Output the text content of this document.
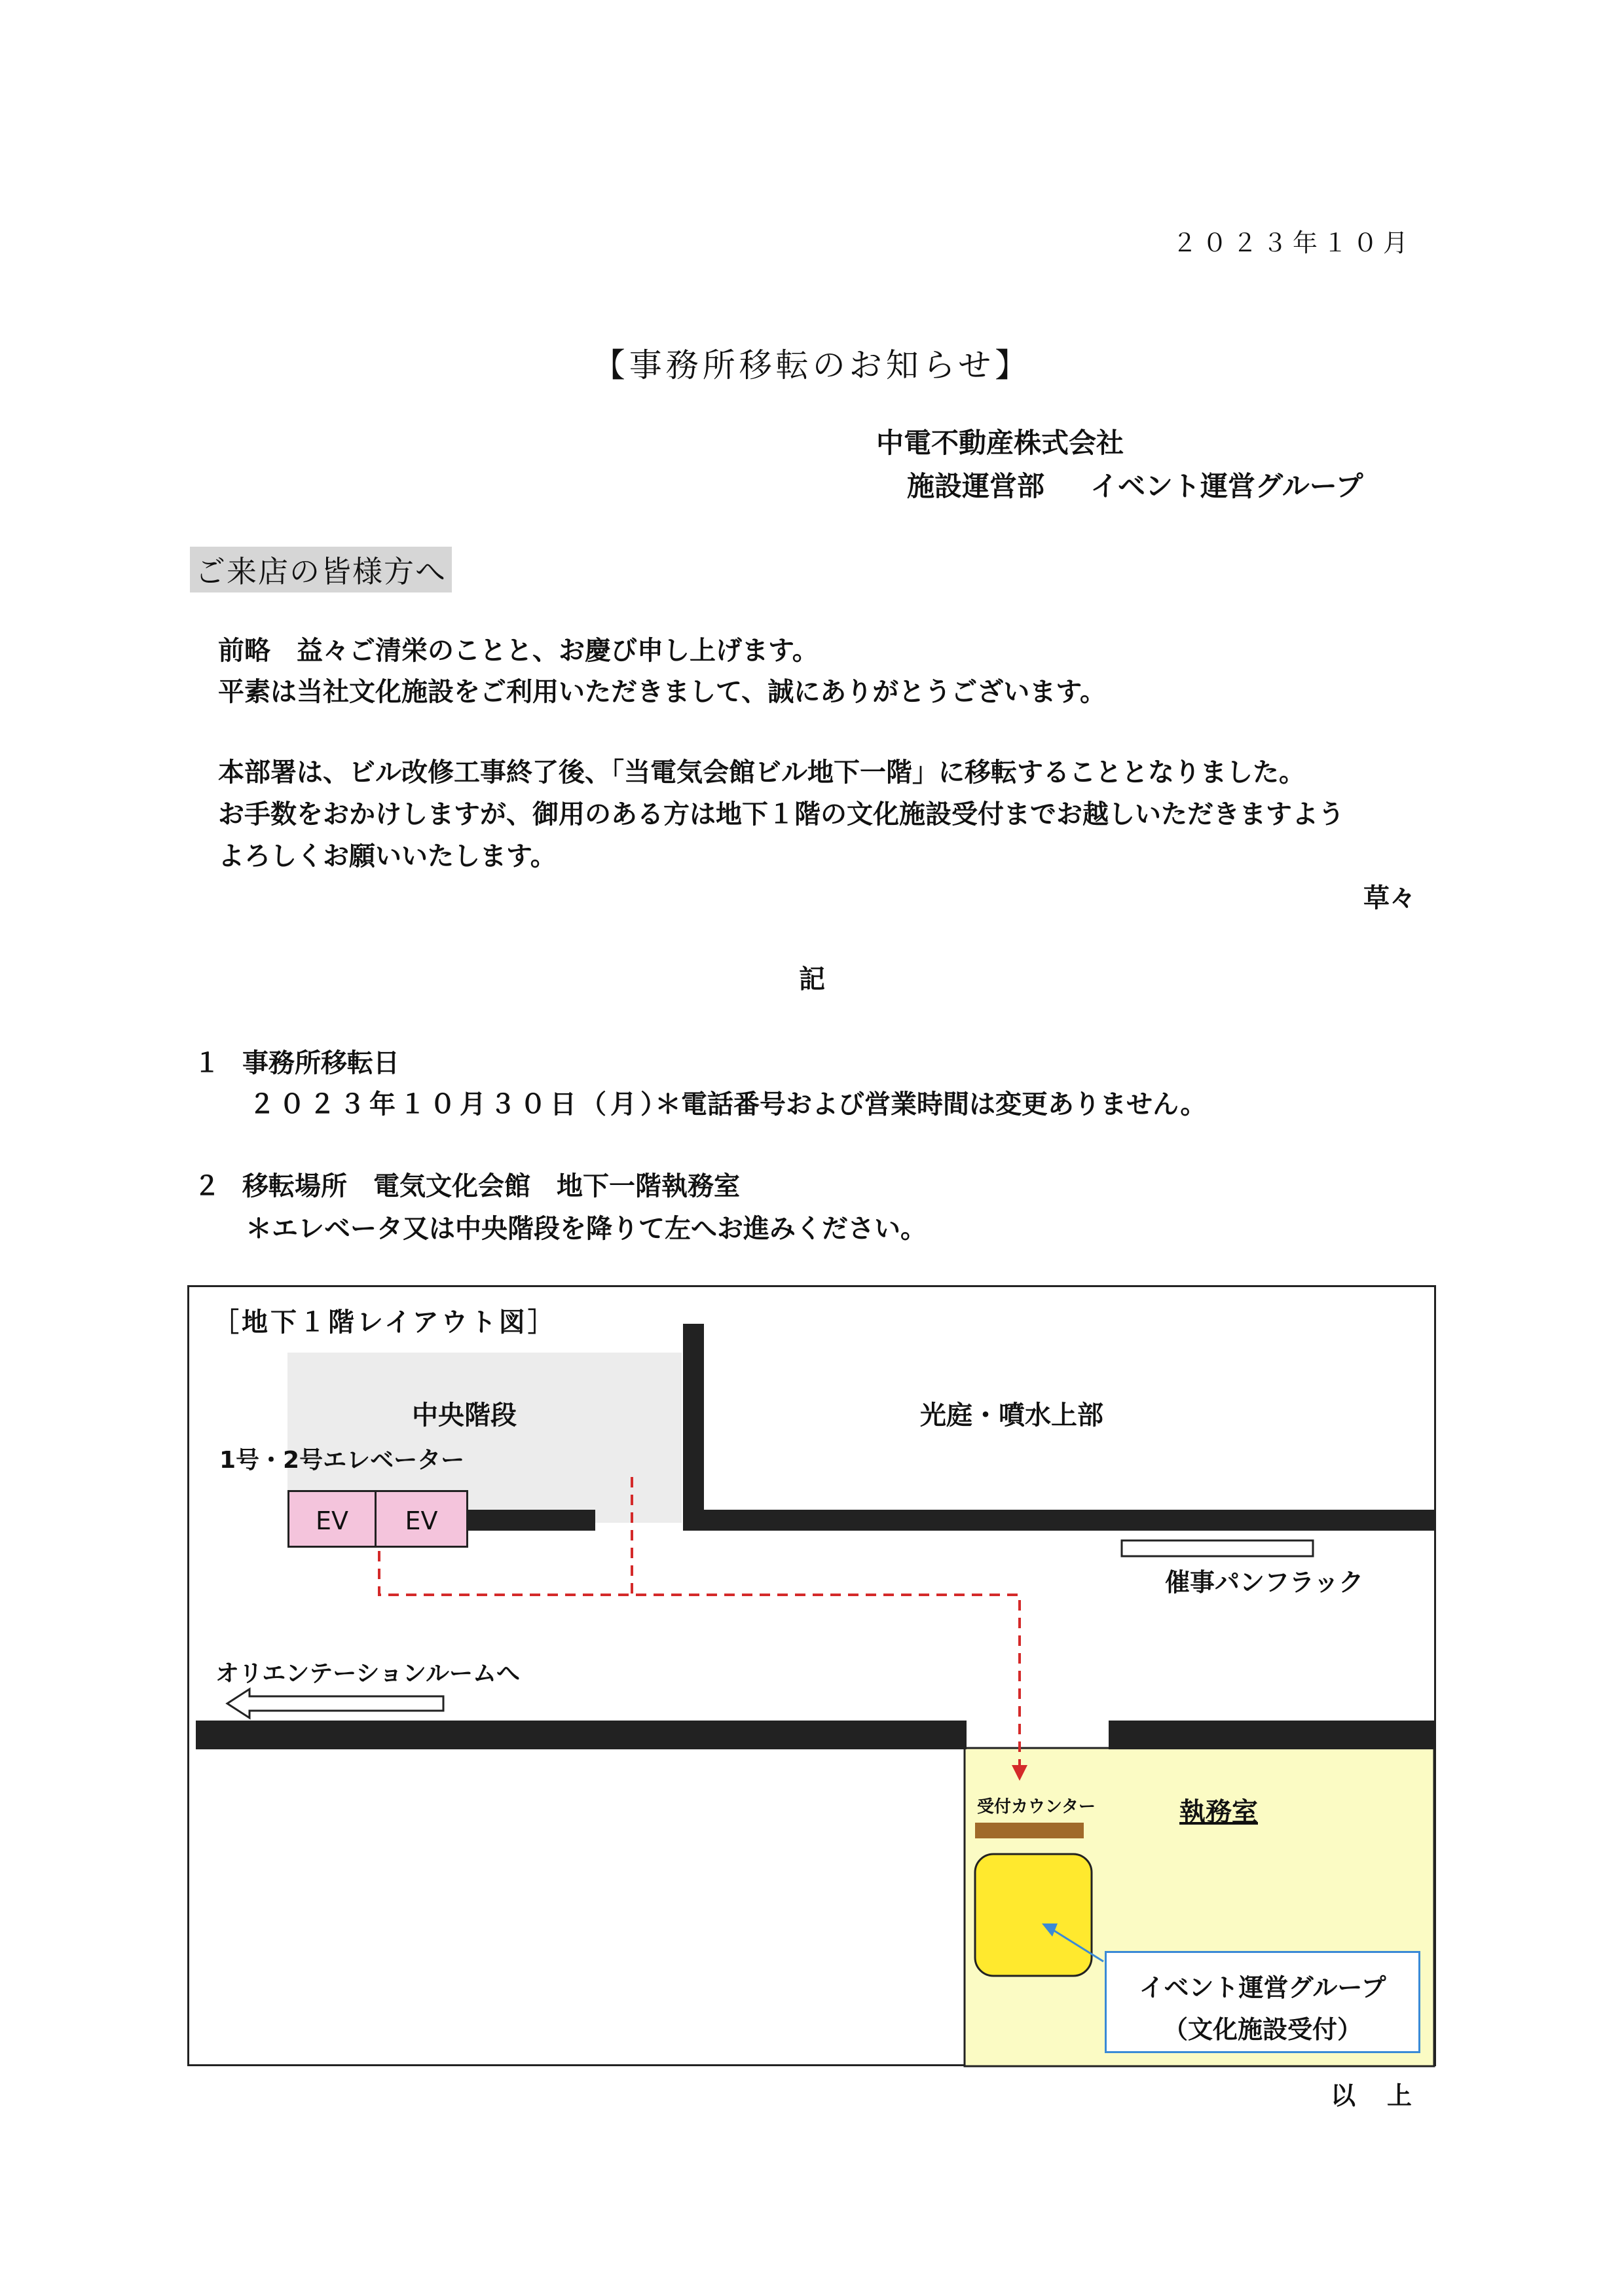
２０２３年１０月
【事務所移転のお知らせ】
中電不動産株式会社
施設運営部 イベント運営グループ
ご来店の皆様方へ
前略　益々ご清栄のことと、お慶び申し上げます。
平素は当社文化施設をご利用いただきまして、誠にありがとうございます。
本部署は、ビル改修工事終了後、「当電気会館ビル地下一階」に移転することとなりました。
お手数をおかけしますが、御用のある方は地下１階の文化施設受付までお越しいただきますよう
よろしくお願いいたします。
草々
記
１ 事務所移転日
２０２３年１０月３０日（月）
＊電話番号および営業時間は変更ありません。
２ 移転場所　電気文化会館　地下一階執務室
＊エレベータ又は中央階段を降りて左へお進みください。
［地下１階レイアウト図］
中央階段	光庭・噴水上部
1号・2号エレベーター
EV	EV
催事パンフラック
オリエンテーションルームへ
受付カウンター	執務室
イベント運営グループ
（文化施設受付）
以上
